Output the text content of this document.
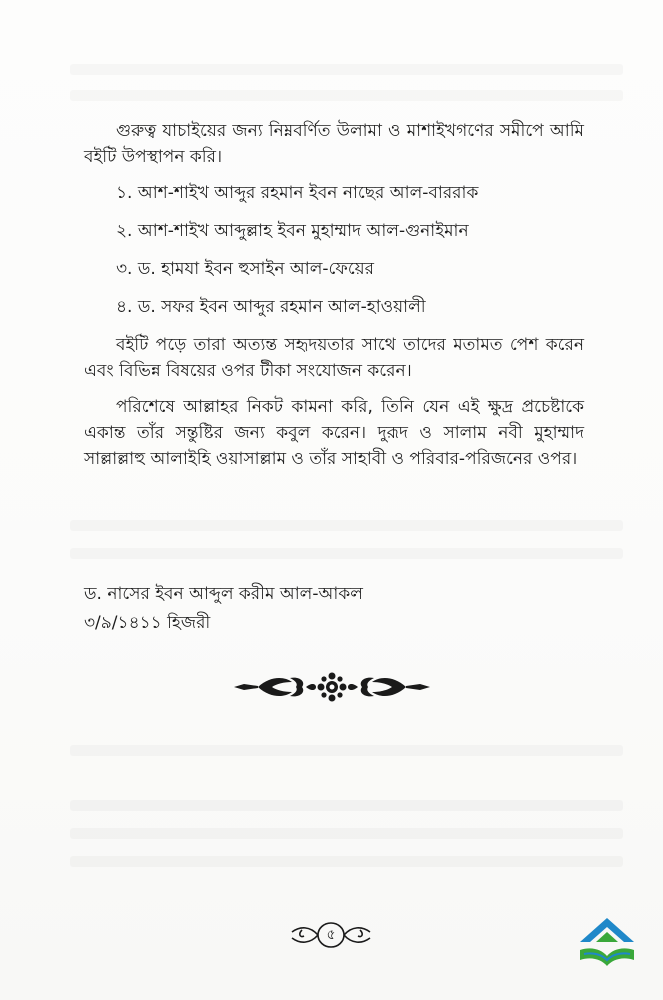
গুরুত্ব যাচাইয়ের জন্য নিম্নবর্ণিত উলামা ও মাশাইখগণের সমীপে আমি বইটি উপস্থাপন করি।

১. আশ-শাইখ আব্দুর রহমান ইবন নাছের আল-বাররাক
২. আশ-শাইখ আব্দুল্লাহ ইবন মুহাম্মাদ আল-গুনাইমান
৩. ড. হামযা ইবন হুসাইন আল-ফেয়ের
৪. ড. সফর ইবন আব্দুর রহমান আল-হাওয়ালী

বইটি পড়ে তারা অত্যন্ত সহৃদয়তার সাথে তাদের মতামত পেশ করেন এবং বিভিন্ন বিষয়ের ওপর টীকা সংযোজন করেন।

পরিশেষে আল্লাহর নিকট কামনা করি, তিনি যেন এই ক্ষুদ্র প্রচেষ্টাকে একান্ত তাঁর সন্তুষ্টির জন্য কবুল করেন। দুরূদ ও সালাম নবী মুহাম্মাদ সাল্লাল্লাহু আলাইহি ওয়াসাল্লাম ও তাঁর সাহাবী ও পরিবার-পরিজনের ওপর।

ড. নাসের ইবন আব্দুল করীম আল-আকল
৩/৯/১৪১১ হিজরী
৫
